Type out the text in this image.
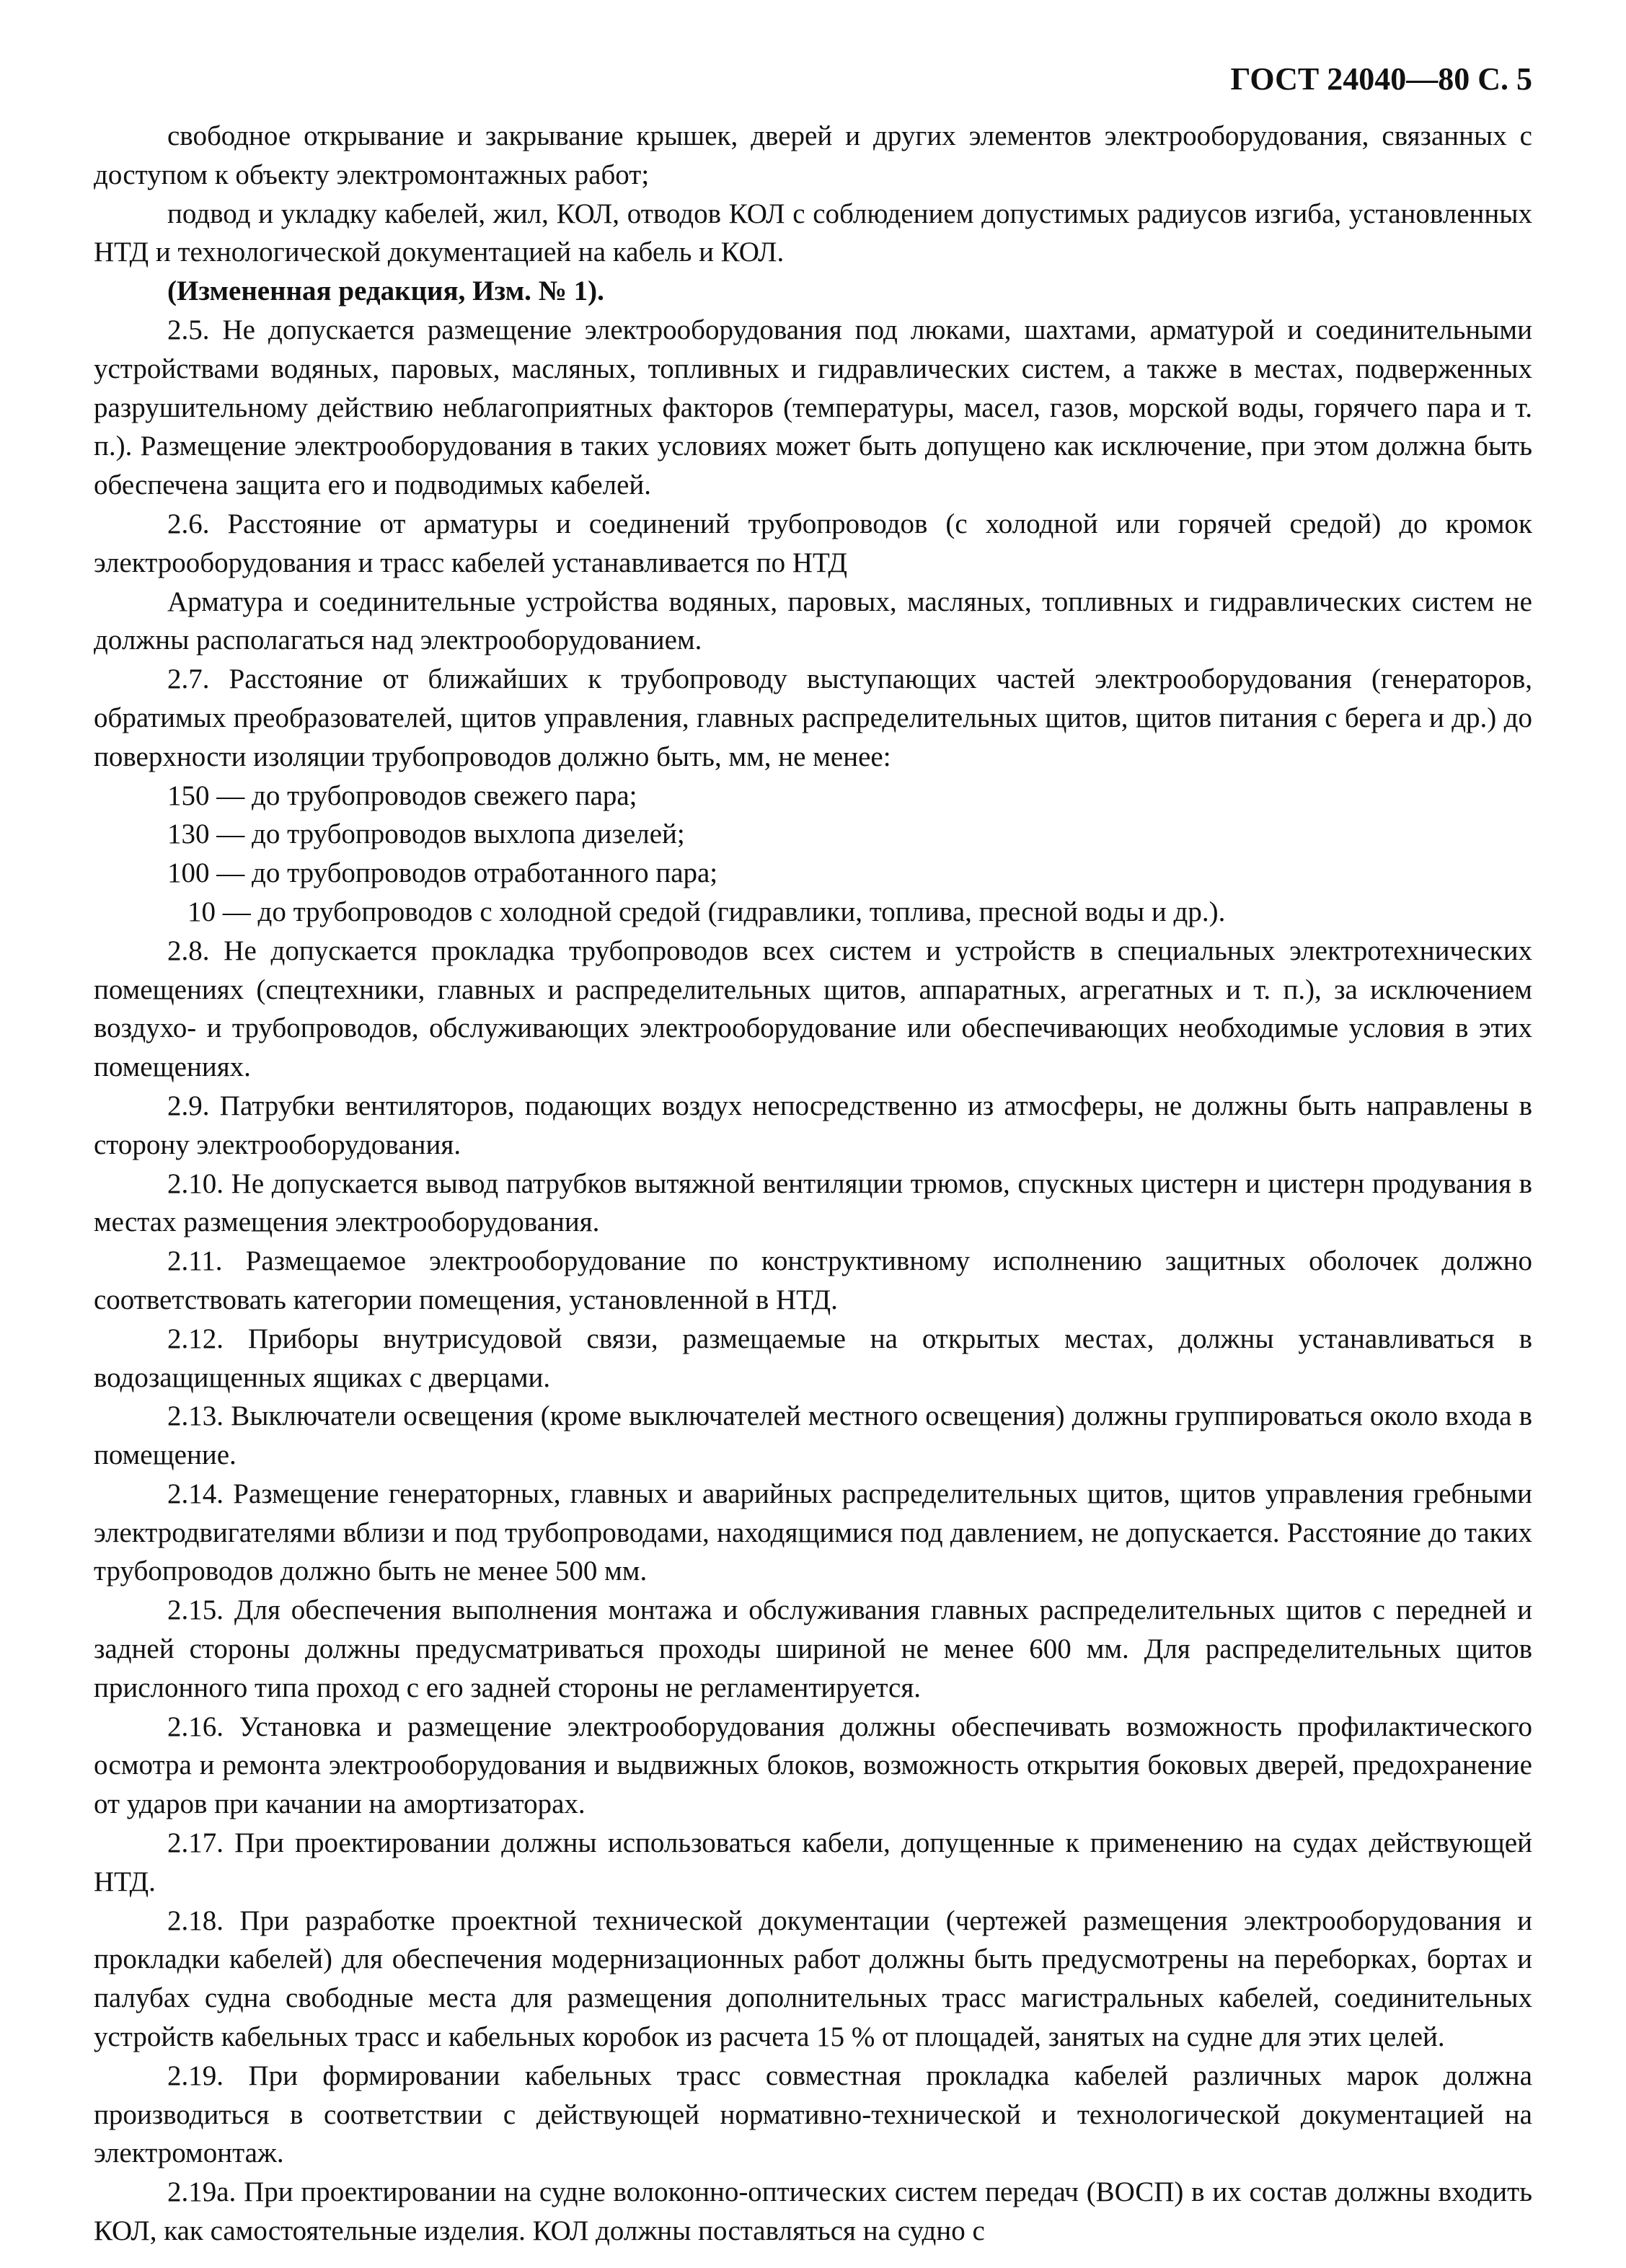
ГОСТ 24040—80 С. 5

свободное открывание и закрывание крышек, дверей и других элементов электрооборудования, связанных с доступом к объекту электромонтажных работ;

подвод и укладку кабелей, жил, КОЛ, отводов КОЛ с соблюдением допустимых радиусов изгиба, установленных НТД и технологической документацией на кабель и КОЛ.

(Измененная редакция, Изм. № 1).

2.5. Не допускается размещение электрооборудования под люками, шахтами, арматурой и соединительными устройствами водяных, паровых, масляных, топливных и гидравлических систем, а также в местах, подверженных разрушительному действию неблагоприятных факторов (температуры, масел, газов, морской воды, горячего пара и т. п.). Размещение электрооборудования в таких условиях может быть допущено как исключение, при этом должна быть обеспечена защита его и подводимых кабелей.

2.6. Расстояние от арматуры и соединений трубопроводов (с холодной или горячей средой) до кромок электрооборудования и трасс кабелей устанавливается по НТД

Арматура и соединительные устройства водяных, паровых, масляных, топливных и гидравлических систем не должны располагаться над электрооборудованием.

2.7. Расстояние от ближайших к трубопроводу выступающих частей электрооборудования (генераторов, обратимых преобразователей, щитов управления, главных распределительных щитов, щитов питания с берега и др.) до поверхности изоляции трубопроводов должно быть, мм, не менее:

150 — до трубопроводов свежего пара;

130 — до трубопроводов выхлопа дизелей;

100 — до трубопроводов отработанного пара;

10 — до трубопроводов с холодной средой (гидравлики, топлива, пресной воды и др.).

2.8. Не допускается прокладка трубопроводов всех систем и устройств в специальных электротехнических помещениях (спецтехники, главных и распределительных щитов, аппаратных, агрегатных и т. п.), за исключением воздухо- и трубопроводов, обслуживающих электрооборудование или обеспечивающих необходимые условия в этих помещениях.

2.9. Патрубки вентиляторов, подающих воздух непосредственно из атмосферы, не должны быть направлены в сторону электрооборудования.

2.10. Не допускается вывод патрубков вытяжной вентиляции трюмов, спускных цистерн и цистерн продувания в местах размещения электрооборудования.

2.11. Размещаемое электрооборудование по конструктивному исполнению защитных оболочек должно соответствовать категории помещения, установленной в НТД.

2.12. Приборы внутрисудовой связи, размещаемые на открытых местах, должны устанавливаться в водозащищенных ящиках с дверцами.

2.13. Выключатели освещения (кроме выключателей местного освещения) должны группироваться около входа в помещение.

2.14. Размещение генераторных, главных и аварийных распределительных щитов, щитов управления гребными электродвигателями вблизи и под трубопроводами, находящимися под давлением, не допускается. Расстояние до таких трубопроводов должно быть не менее 500 мм.

2.15. Для обеспечения выполнения монтажа и обслуживания главных распределительных щитов с передней и задней стороны должны предусматриваться проходы шириной не менее 600 мм. Для распределительных щитов прислонного типа проход с его задней стороны не регламентируется.

2.16. Установка и размещение электрооборудования должны обеспечивать возможность профилактического осмотра и ремонта электрооборудования и выдвижных блоков, возможность открытия боковых дверей, предохранение от ударов при качании на амортизаторах.

2.17. При проектировании должны использоваться кабели, допущенные к применению на судах действующей НТД.

2.18. При разработке проектной технической документации (чертежей размещения электрооборудования и прокладки кабелей) для обеспечения модернизационных работ должны быть предусмотрены на переборках, бортах и палубах судна свободные места для размещения дополнительных трасс магистральных кабелей, соединительных устройств кабельных трасс и кабельных коробок из расчета 15 % от площадей, занятых на судне для этих целей.

2.19. При формировании кабельных трасс совместная прокладка кабелей различных марок должна производиться в соответствии с действующей нормативно-технической и технологической документацией на электромонтаж.

2.19а. При проектировании на судне волоконно-оптических систем передач (ВОСП) в их состав должны входить КОЛ, как самостоятельные изделия. КОЛ должны поставляться на судно с
